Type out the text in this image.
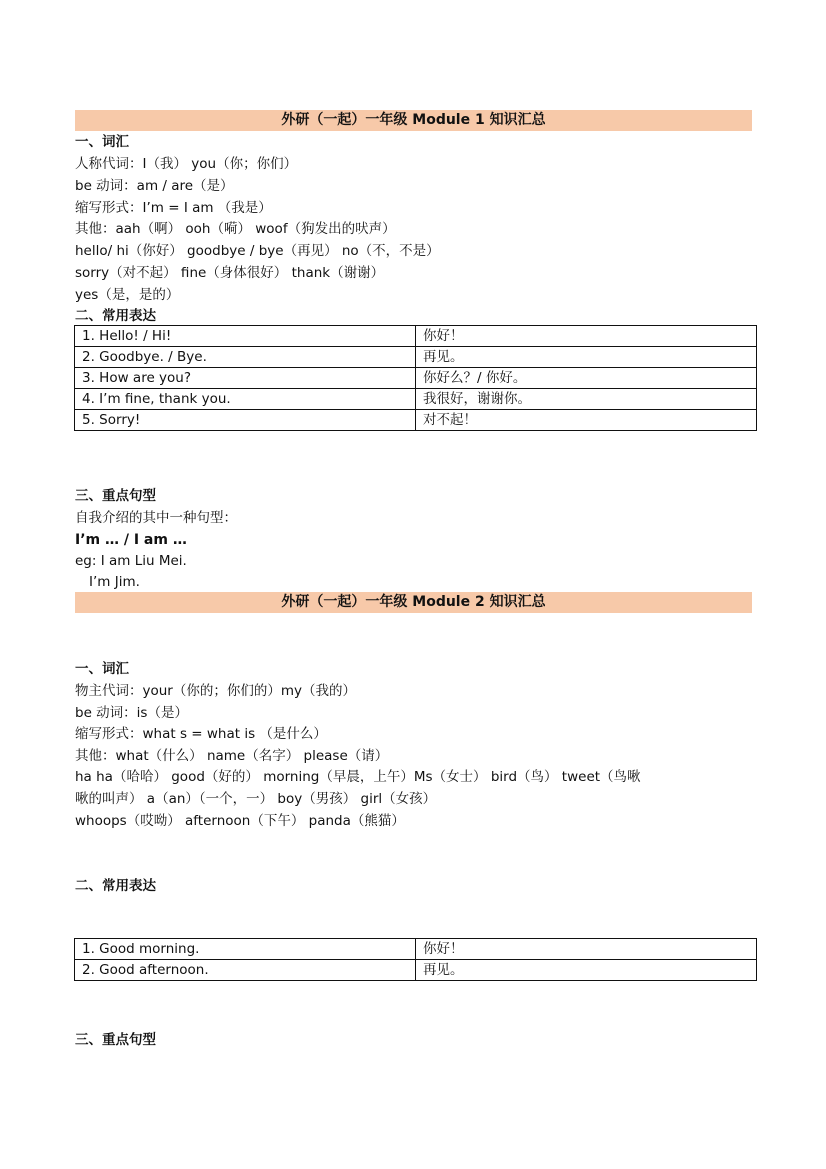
外研（一起）一年级 Module 1 知识汇总
一、词汇
人称代词：I（我） you（你；你们）
be 动词：am / are（是）
缩写形式：I’m = I am （我是）
其他：aah（啊） ooh（嗬） woof（狗发出的吠声）
hello/ hi（你好） goodbye / bye（再见） no（不，不是）
sorry（对不起） fine（身体很好） thank（谢谢）
yes（是，是的）
二、常用表达
1. Hello! / Hi!	你好！
2. Goodbye. / Bye.	再见。
3. How are you?	你好么？/ 你好。
4. I’m fine, thank you.	我很好，谢谢你。
5. Sorry!	对不起！
三、重点句型
自我介绍的其中一种句型：
I’m … / I am …
eg: I am Liu Mei.
I’m Jim.
外研（一起）一年级 Module 2 知识汇总
一、词汇
物主代词：your（你的；你们的）my（我的）
be 动词：is（是）
缩写形式：what s = what is （是什么）
其他：what（什么） name（名字） please（请）
ha ha（哈哈） good（好的） morning（早晨，上午）Ms（女士） bird（鸟） tweet（鸟啾
啾的叫声） a（an）（一个，一） boy（男孩） girl（女孩）
whoops（哎呦） afternoon（下午） panda（熊猫）
二、常用表达
1. Good morning.	你好！
2. Good afternoon.	再见。
三、重点句型
